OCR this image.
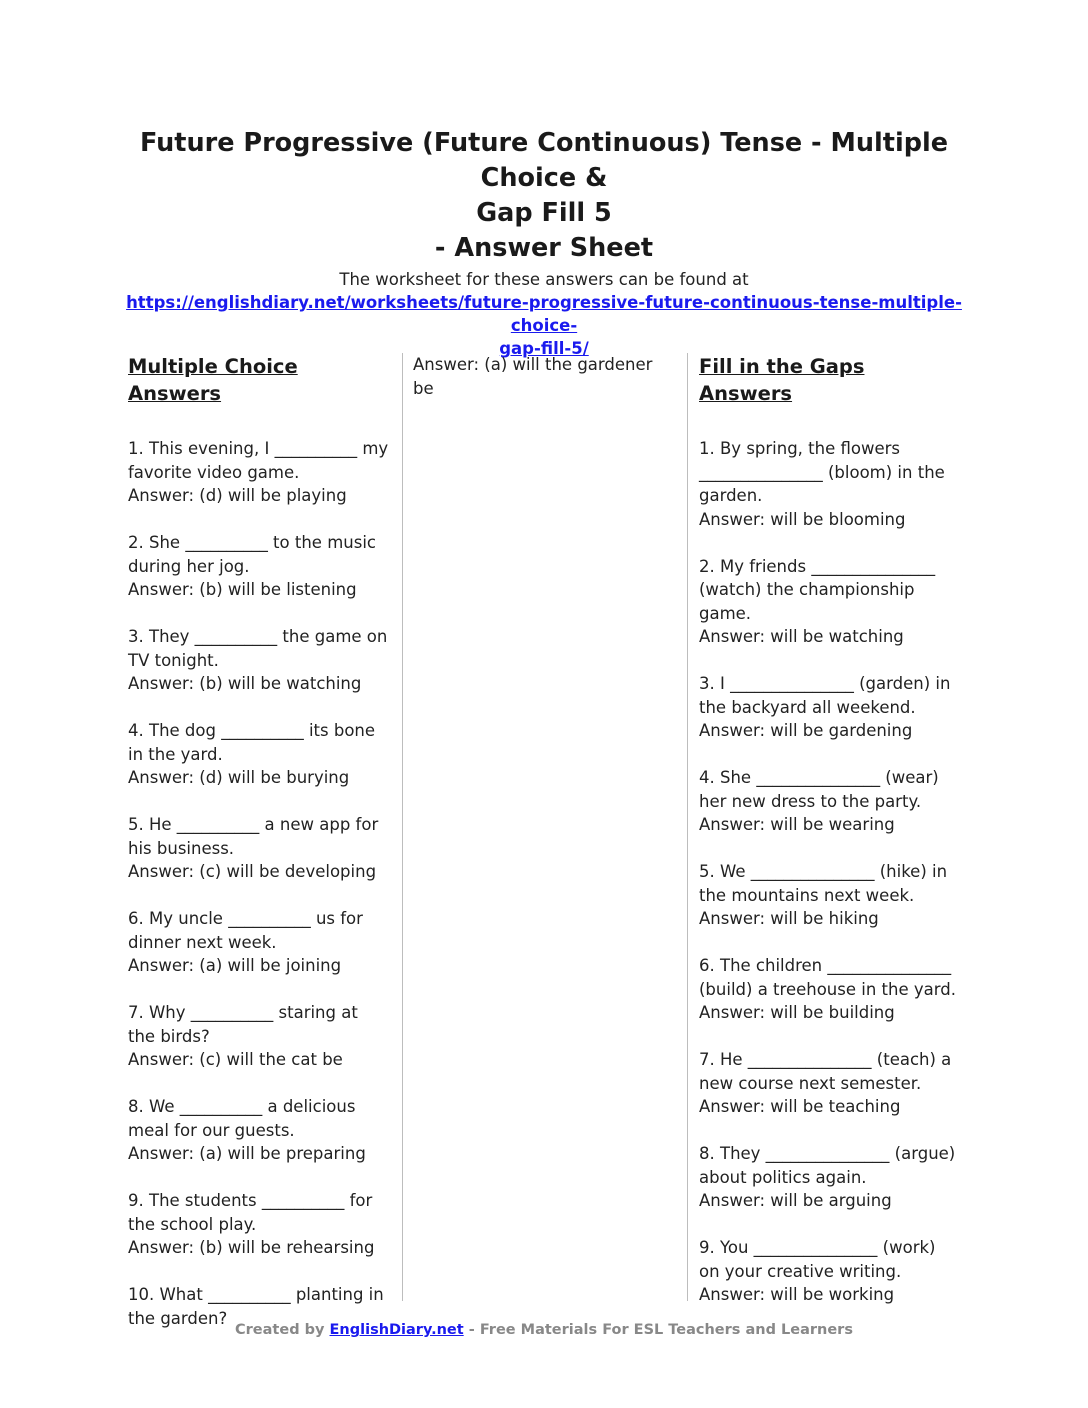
Future Progressive (Future Continuous) Tense - Multiple Choice &
Gap Fill 5
- Answer Sheet
The worksheet for these answers can be found at
https://englishdiary.net/worksheets/future-progressive-future-continuous-tense-multiple-choice-
gap-fill-5/
Multiple Choice Answers

1. This evening, I __________ my favorite video game.

Answer: (d) will be playing

2. She __________ to the music during her jog.

Answer: (b) will be listening

3. They __________ the game on TV tonight.

Answer: (b) will be watching

4. The dog __________ its bone in the yard.

Answer: (d) will be burying

5. He __________ a new app for his business.

Answer: (c) will be developing

6. My uncle __________ us for dinner next week.

Answer: (a) will be joining

7. Why __________ staring at the birds?

Answer: (c) will the cat be

8. We __________ a delicious meal for our guests.

Answer: (a) will be preparing

9. The students __________ for the school play.

Answer: (b) will be rehearsing

10. What __________ planting in the garden?

Answer: (a) will the gardener be

Fill in the Gaps Answers

1. By spring, the flowers _______________ (bloom) in the garden.

Answer: will be blooming

2. My friends _______________ (watch) the championship game.

Answer: will be watching

3. I _______________ (garden) in the backyard all weekend.

Answer: will be gardening

4. She _______________ (wear) her new dress to the party.

Answer: will be wearing

5. We _______________ (hike) in the mountains next week.

Answer: will be hiking

6. The children _______________ (build) a treehouse in the yard.

Answer: will be building

7. He _______________ (teach) a new course next semester.

Answer: will be teaching

8. They _______________ (argue) about politics again.

Answer: will be arguing

9. You _______________ (work) on your creative writing.

Answer: will be working

Created by EnglishDiary.net - Free Materials For ESL Teachers and Learners
